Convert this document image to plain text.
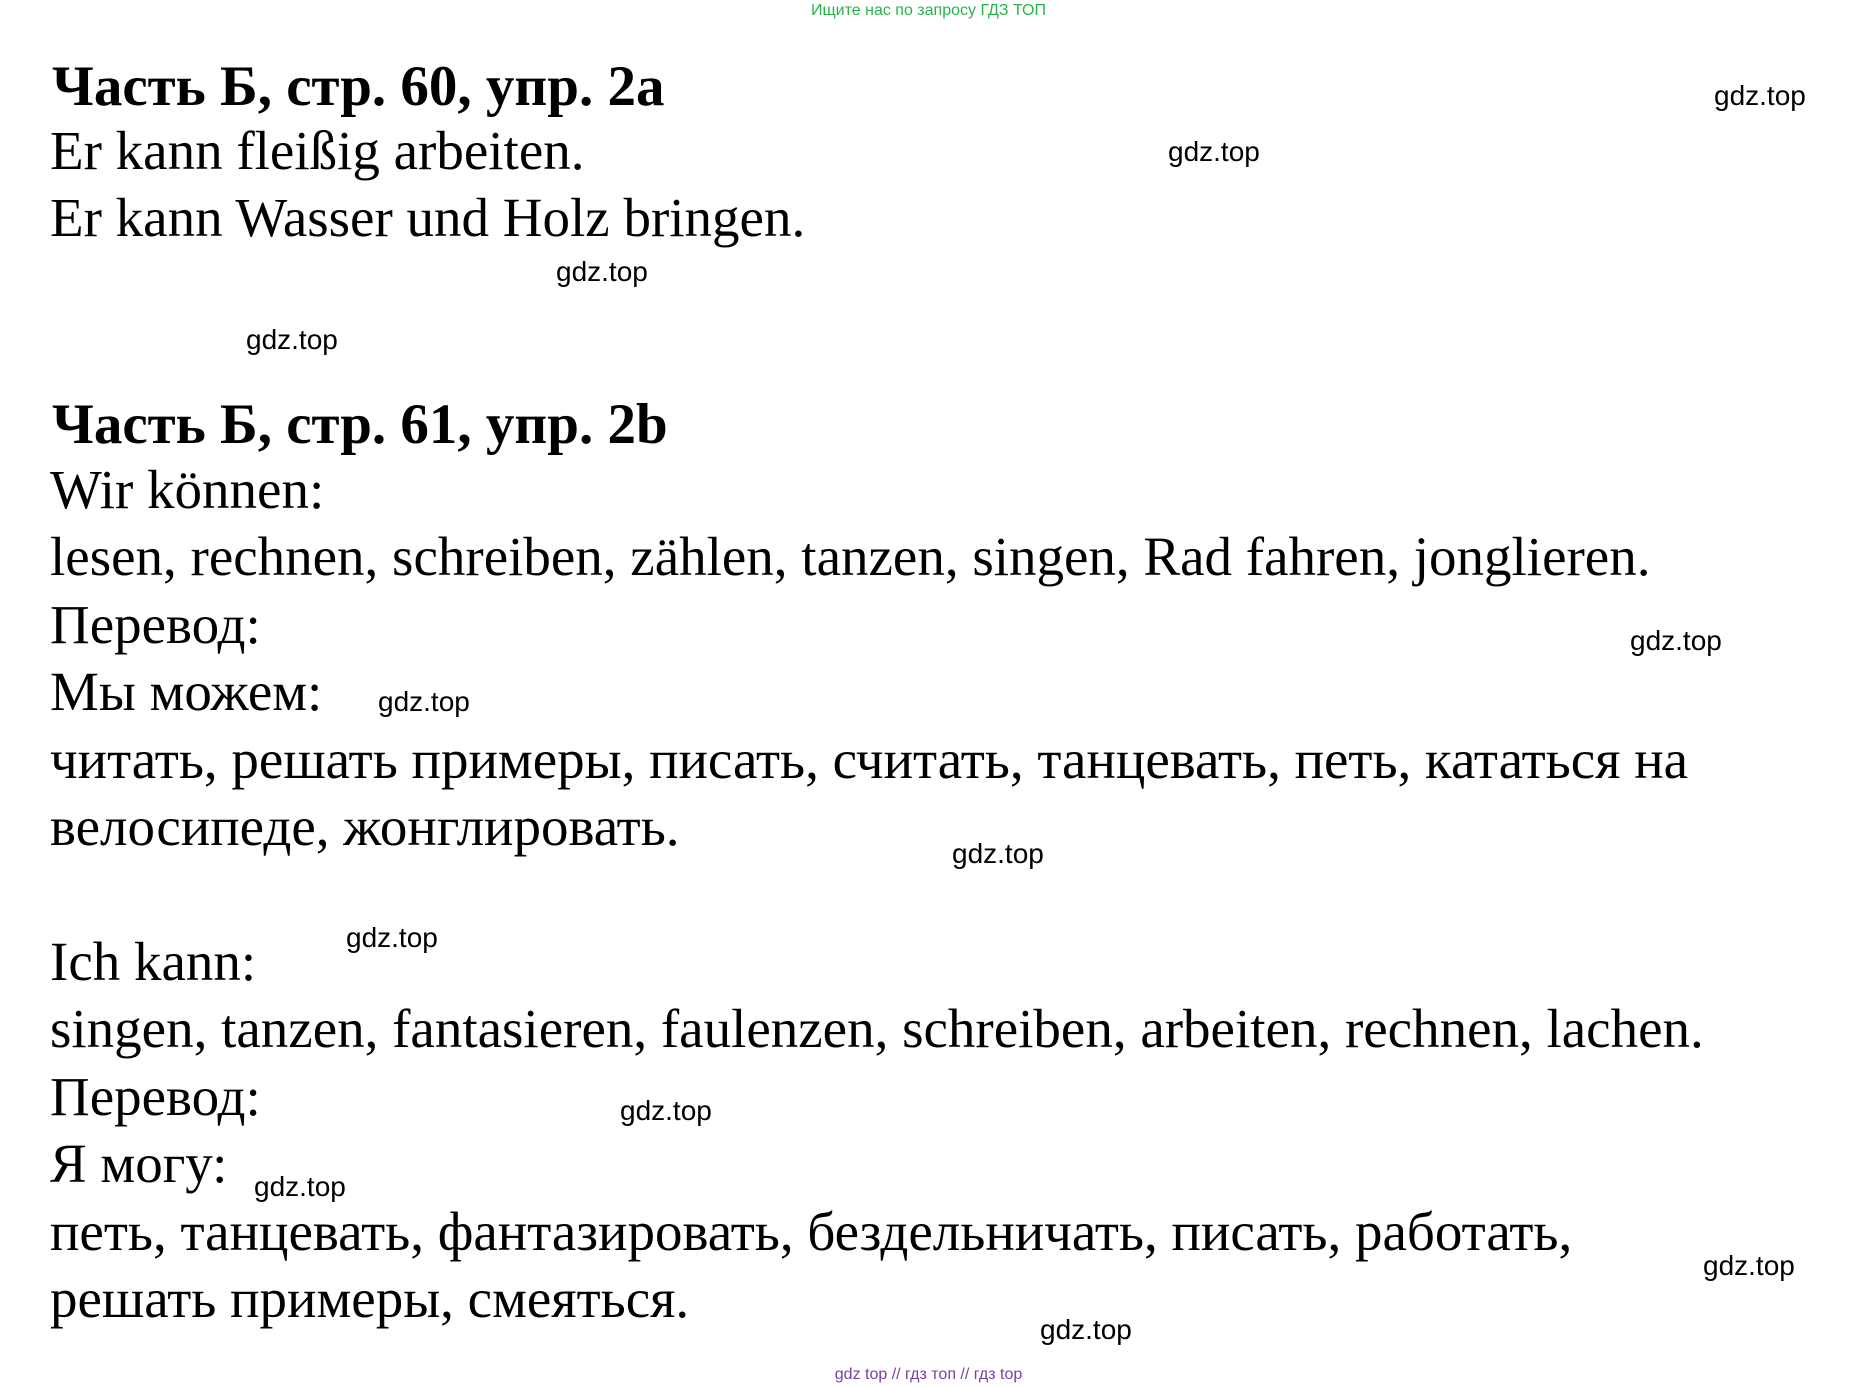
Ищите нас по запросу ГДЗ ТОП
Часть Б, стр. 60, упр. 2а
Er kann fleißig arbeiten.
Er kann Wasser und Holz bringen.
Часть Б, стр. 61, упр. 2b
Wir können:
lesen, rechnen, schreiben, zählen, tanzen, singen, Rad fahren, jonglieren.
Перевод:
Мы можем:
читать, решать примеры, писать, считать, танцевать, петь, кататься на
велосипеде, жонглировать.
Ich kann:
singen, tanzen, fantasieren, faulenzen, schreiben, arbeiten, rechnen, lachen.
Перевод:
Я могу:
петь, танцевать, фантазировать, бездельничать, писать, работать,
решать примеры, смеяться.
gdz.top
gdz.top
gdz.top
gdz.top
gdz.top
gdz.top
gdz.top
gdz.top
gdz.top
gdz.top
gdz.top
gdz.top
gdz top // гдз топ // гдз top
